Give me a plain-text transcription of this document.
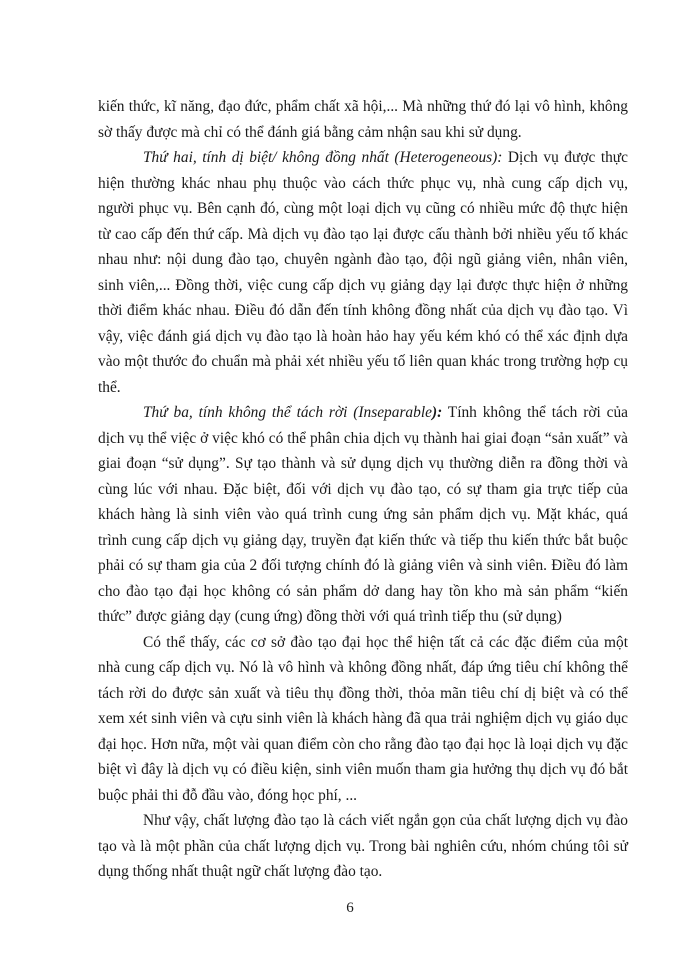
kiến thức, kĩ năng, đạo đức, phẩm chất xã hội,... Mà những thứ đó lại vô hình, không sờ thấy được mà chỉ có thể đánh giá bằng cảm nhận sau khi sử dụng.

Thứ hai, tính dị biệt/ không đồng nhất (Heterogeneous): Dịch vụ được thực hiện thường khác nhau phụ thuộc vào cách thức phục vụ, nhà cung cấp dịch vụ, người phục vụ. Bên cạnh đó, cùng một loại dịch vụ cũng có nhiều mức độ thực hiện từ cao cấp đến thứ cấp. Mà dịch vụ đào tạo lại được cấu thành bởi nhiều yếu tố khác nhau như: nội dung đào tạo, chuyên ngành đào tạo, đội ngũ giảng viên, nhân viên, sinh viên,... Đồng thời, việc cung cấp dịch vụ giảng dạy lại được thực hiện ở những thời điểm khác nhau. Điều đó dẫn đến tính không đồng nhất của dịch vụ đào tạo. Vì vậy, việc đánh giá dịch vụ đào tạo là hoàn hảo hay yếu kém khó có thể xác định dựa vào một thước đo chuẩn mà phải xét nhiều yếu tố liên quan khác trong trường hợp cụ thể.

Thứ ba, tính không thể tách rời (Inseparable): Tính không thể tách rời của dịch vụ thể việc ở việc khó có thể phân chia dịch vụ thành hai giai đoạn “sản xuất” và giai đoạn “sử dụng”. Sự tạo thành và sử dụng dịch vụ thường diễn ra đồng thời và cùng lúc với nhau. Đặc biệt, đối với dịch vụ đào tạo, có sự tham gia trực tiếp của khách hàng là sinh viên vào quá trình cung ứng sản phẩm dịch vụ. Mặt khác, quá trình cung cấp dịch vụ giảng dạy, truyền đạt kiến thức và tiếp thu kiến thức bắt buộc phải có sự tham gia của 2 đối tượng chính đó là giảng viên và sinh viên. Điều đó làm cho đào tạo đại học không có sản phẩm dở dang hay tồn kho mà sản phẩm “kiến thức” được giảng dạy (cung ứng) đồng thời với quá trình tiếp thu (sử dụng)

Có thể thấy, các cơ sở đào tạo đại học thể hiện tất cả các đặc điểm của một nhà cung cấp dịch vụ. Nó là vô hình và không đồng nhất, đáp ứng tiêu chí không thể tách rời do được sản xuất và tiêu thụ đồng thời, thỏa mãn tiêu chí dị biệt và có thể xem xét sinh viên và cựu sinh viên là khách hàng đã qua trải nghiệm dịch vụ giáo dục đại học. Hơn nữa, một vài quan điểm còn cho rằng đào tạo đại học là loại dịch vụ đặc biệt vì đây là dịch vụ có điều kiện, sinh viên muốn tham gia hưởng thụ dịch vụ đó bắt buộc phải thi đỗ đầu vào, đóng học phí, ...

Như vậy, chất lượng đào tạo là cách viết ngắn gọn của chất lượng dịch vụ đào tạo và là một phần của chất lượng dịch vụ. Trong bài nghiên cứu, nhóm chúng tôi sử dụng thống nhất thuật ngữ chất lượng đào tạo.

6
